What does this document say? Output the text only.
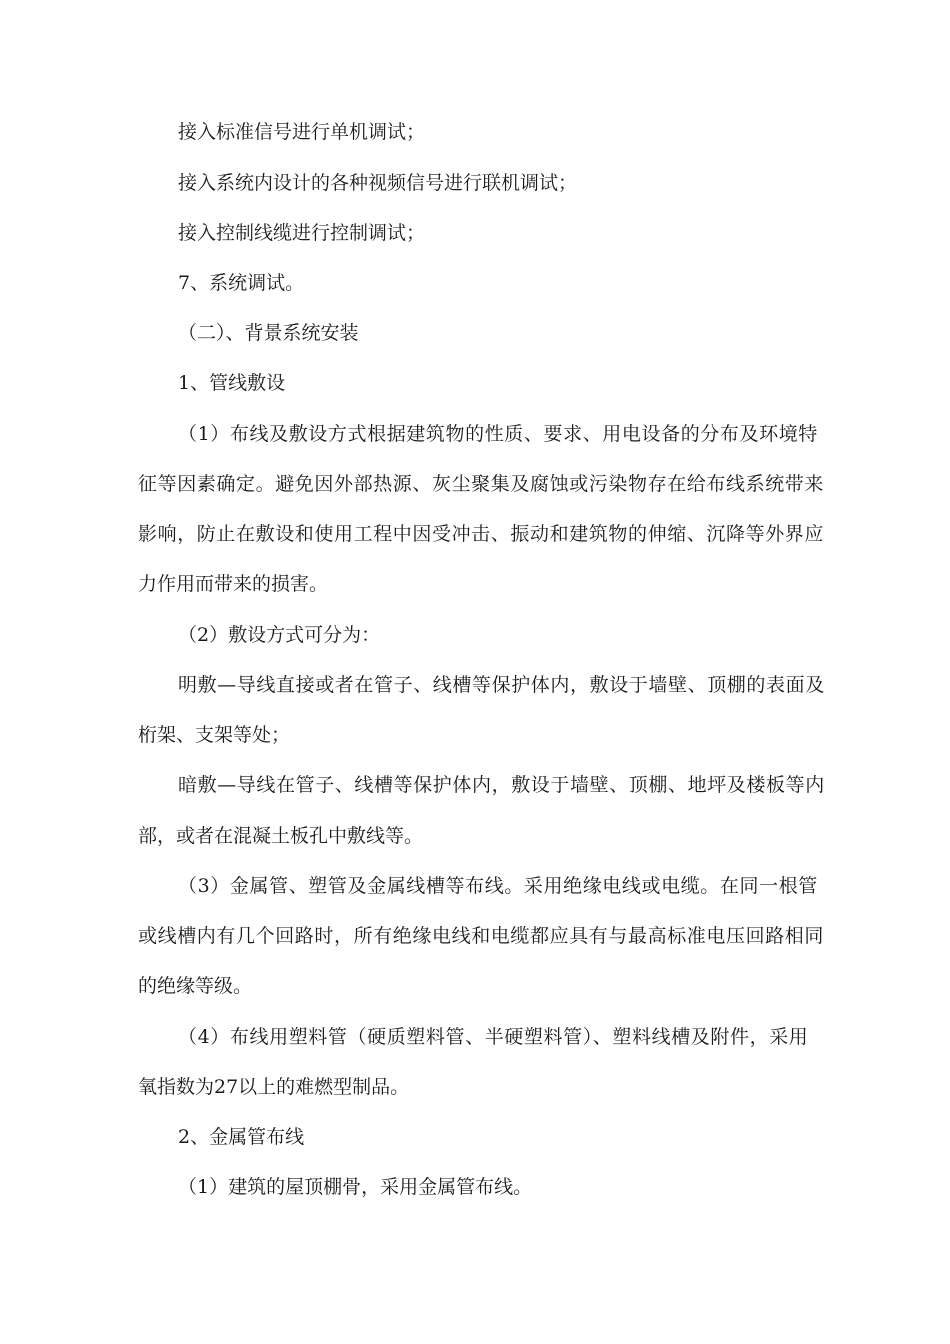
接入标准信号进行单机调试；
接入系统内设计的各种视频信号进行联机调试；
接入控制线缆进行控制调试；
7、系统调试。
（二）、背景系统安装
1、管线敷设
（1）布线及敷设方式根据建筑物的性质、要求、用电设备的分布及环境特
征等因素确定。避免因外部热源、灰尘聚集及腐蚀或污染物存在给布线系统带来
影响，防止在敷设和使用工程中因受冲击、振动和建筑物的伸缩、沉降等外界应
力作用而带来的损害。
（2）敷设方式可分为：
明敷—导线直接或者在管子、线槽等保护体内，敷设于墙壁、顶棚的表面及
桁架、支架等处；
暗敷—导线在管子、线槽等保护体内，敷设于墙壁、顶棚、地坪及楼板等内
部，或者在混凝土板孔中敷线等。
（3）金属管、塑管及金属线槽等布线。采用绝缘电线或电缆。在同一根管
或线槽内有几个回路时，所有绝缘电线和电缆都应具有与最高标准电压回路相同
的绝缘等级。
（4）布线用塑料管（硬质塑料管、半硬塑料管）、塑料线槽及附件，采用
氧指数为27以上的难燃型制品。
2、金属管布线
（1）建筑的屋顶棚骨，采用金属管布线。
